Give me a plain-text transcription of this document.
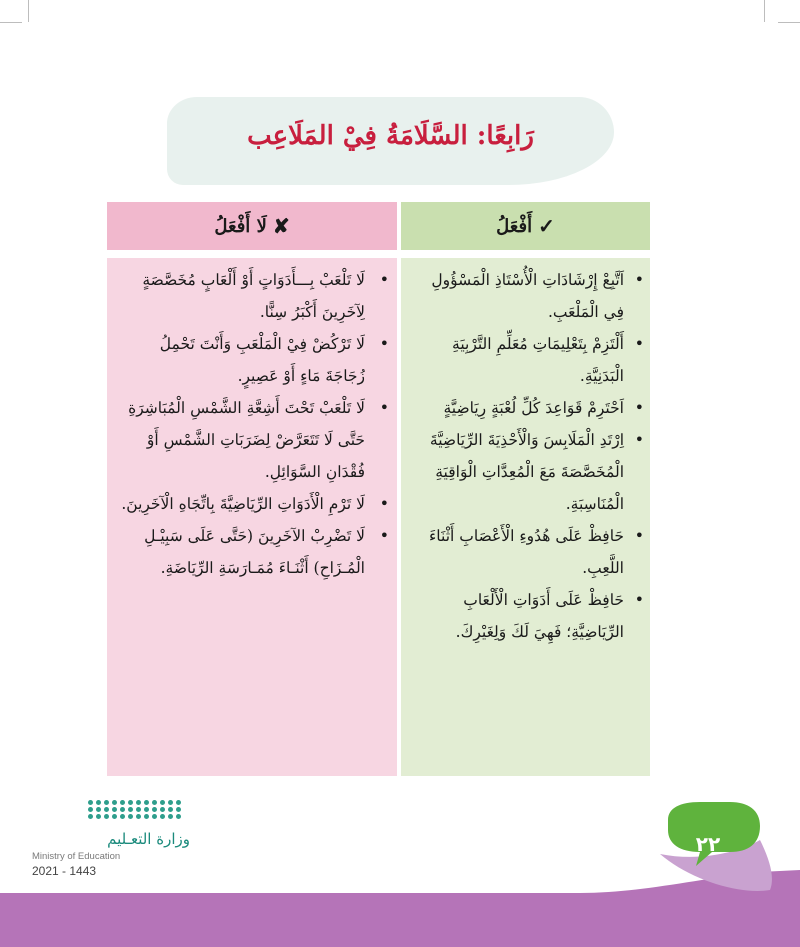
رَابِعًا: السَّلَامَةُ فِيْ المَلَاعِب
✓
أَفْعَلُ
• اَتَّبِعْ إِرْشَادَاتِ الْأُسْتَاذِ الْمَسْؤُولِ فِي الْمَلْعَبِ.
• أَلْتَزِمْ بِتَعْلِيمَاتِ مُعَلِّمِ التَّرْبِيَةِ الْبَدَنِيَّةِ.
• اَحْتَرِمْ قَوَاعِدَ كُلِّ لُعْبَةٍ رِيَاضِيَّةٍ
• اِرْتَدِ الْمَلَابِسَ وَالْأَحْذِيَةَ الرِّيَاضِيَّةَ الْمُخَصَّصَةَ مَعَ الْمُعِدَّاتِ الْوَاقِيَةِ الْمُنَاسِبَةِ.
• حَافِظْ عَلَى هُدُوءِ الْأَعْصَابِ أَثْنَاءَ اللَّعِبِ.
• حَافِظْ عَلَى أَدَوَاتِ الْأَلْعَابِ الرِّيَاضِيَّةِ؛ فَهِيَ لَكَ وَلِغَيْرِكَ.
✘
لَا أَفْعَلُ
• لَا تَلْعَبْ بِـــأَدَوَاتٍ أَوْ أَلْعَابٍ مُخَصَّصَةٍ لِآخَرِينَ أَكْبَرُ سِنًّا.
• لَا تَرْكُضْ فِيْ الْمَلْعَبِ وَأَنْتَ تَحْمِلُ زُجَاجَةَ مَاءٍ أَوْ عَصِيرٍ.
• لَا تَلْعَبْ تَحْتَ أَشِعَّةِ الشَّمْسِ الْمُبَاشِرَةِ حَتَّى لَا تَتَعَرَّضْ لِضَرَبَاتِ الشَّمْسِ أَوْ فُقْدَانِ السَّوَائِلِ.
• لَا تَرْمِ الْأَدَوَاتِ الرِّيَاضِيَّةَ بِاتِّجَاهِ الْآخَرِينَ.
• لَا تَضْرِبْ الآخَرِينَ (حَتَّى عَلَى سَبِيْـلِ الْمُـزَاحِ) أَثْنَـاءَ مُمَـارَسَةِ الرِّيَاضَةِ.
٢٢
وزارة التعـليم
Ministry of Education
2021 - 1443
